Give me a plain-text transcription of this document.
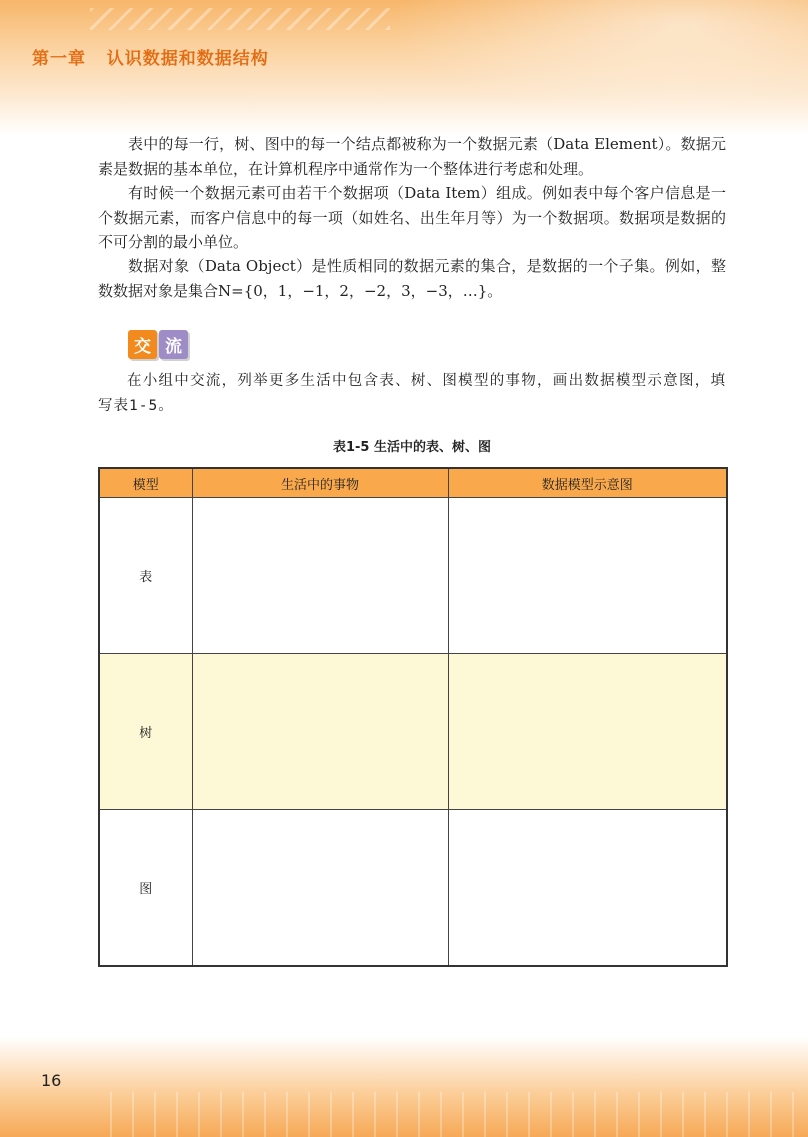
第一章   认识数据和数据结构

表中的每一行，树、图中的每一个结点都被称为一个数据元素（Data Element）。数据元素是数据的基本单位，在计算机程序中通常作为一个整体进行考虑和处理。

有时候一个数据元素可由若干个数据项（Data Item）组成。例如表中每个客户信息是一个数据元素，而客户信息中的每一项（如姓名、出生年月等）为一个数据项。数据项是数据的不可分割的最小单位。

数据对象（Data Object）是性质相同的数据元素的集合，是数据的一个子集。例如，整数数据对象是集合N={0，1，−1，2，−2，3，−3，…}。

交 流

在小组中交流，列举更多生活中包含表、树、图模型的事物，画出数据模型示意图，填写表1-5。

表1-5 生活中的表、树、图

模型	生活中的事物	数据模型示意图
表		
树		
图		

16
